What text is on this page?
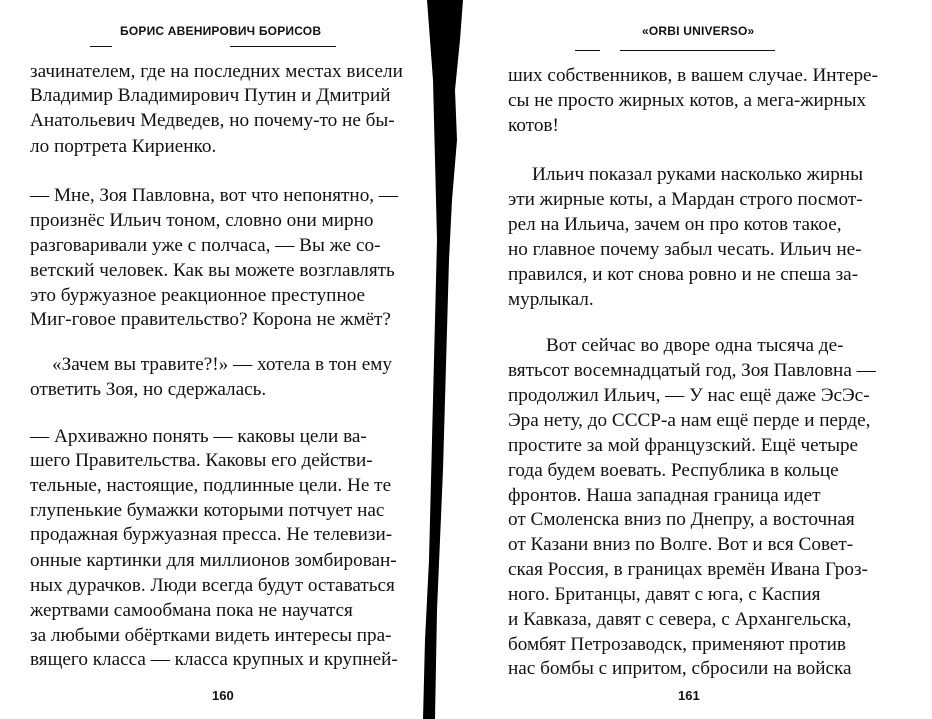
БОРИС АВЕНИРОВИЧ БОРИСОВ
зачинателем, где на последних местах висели
Владимир Владимирович Путин и Дмитрий
Анатольевич Медведев, но почему-то не бы-
ло портрета Кириенко.
— Мне, Зоя Павловна, вот что непонятно, —
произнёс Ильич тоном, словно они мирно
разговаривали уже с полчаса, — Вы же со-
ветский человек. Как вы можете возглавлять
это буржуазное реакционное преступное
Миг-говое правительство? Корона не жмёт?
«Зачем вы травите?!» — хотела в тон ему
ответить Зоя, но сдержалась.
— Архиважно понять — каковы цели ва-
шего Правительства. Каковы его действи-
тельные, настоящие, подлинные цели. Не те
глупенькие бумажки которыми потчует нас
продажная буржуазная пресса. Не телевизи-
онные картинки для миллионов зомбирован-
ных дурачков. Люди всегда будут оставаться
жертвами самообмана пока не научатся
за любыми обёртками видеть интересы пра-
вящего класса — класса крупных и крупней-
160
«ORBI UNIVERSO»
ших собственников, в вашем случае. Интере-
сы не просто жирных котов, а мега-жирных
котов!
Ильич показал руками насколько жирны
эти жирные коты, а Мардан строго посмот-
рел на Ильича, зачем он про котов такое,
но главное почему забыл чесать. Ильич не-
правился, и кот снова ровно и не спеша за-
мурлыкал.
Вот сейчас во дворе одна тысяча де-
вятьсот восемнадцатый год, Зоя Павловна —
продолжил Ильич, — У нас ещё даже ЭсЭс-
Эра нету, до СССР-а нам ещё перде и перде,
простите за мой французский. Ещё четыре
года будем воевать. Республика в кольце
фронтов. Наша западная граница идет
от Смоленска вниз по Днепру, а восточная
от Казани вниз по Волге. Вот и вся Совет-
ская Россия, в границах времён Ивана Гроз-
ного. Британцы, давят с юга, с Каспия
и Кавказа, давят с севера, с Архангельска,
бомбят Петрозаводск, применяют против
нас бомбы с ипритом, сбросили на войска
161
